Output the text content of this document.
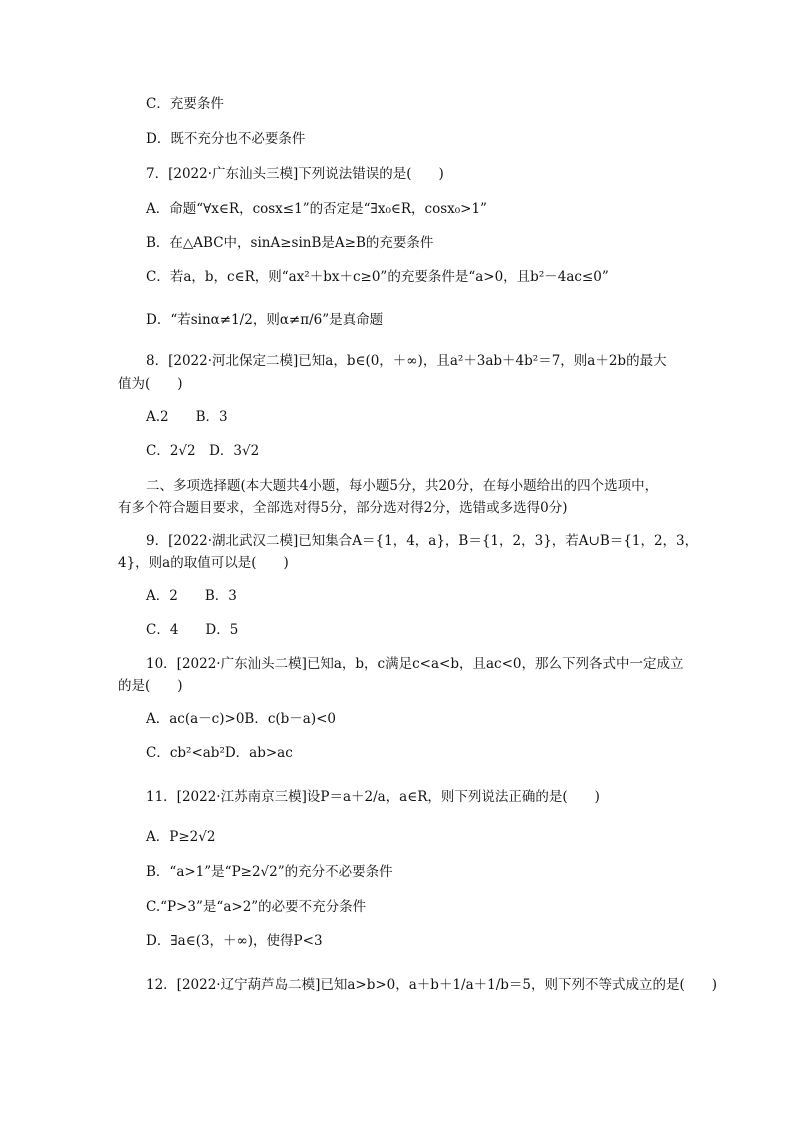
C．充要条件
D．既不充分也不必要条件
7．[2022·广东汕头三模]下列说法错误的是(　　)
A．命题“∀x∈R，cosx≤1”的否定是“∃x₀∈R，cosx₀>1”
B．在△ABC中，sinA≥sinB是A≥B的充要条件
C．若a，b，c∈R，则“ax²＋bx＋c≥0”的充要条件是“a>0，且b²－4ac≤0”
D．“若sinα≠1/2，则α≠π/6”是真命题
8．[2022·河北保定二模]已知a，b∈(0，＋∞)，且a²＋3ab＋4b²＝7，则a＋2b的最大
值为(　　)
A.2　　B．3
C．2√2　D．3√2
二、多项选择题(本大题共4小题，每小题5分，共20分，在每小题给出的四个选项中，
有多个符合题目要求，全部选对得5分，部分选对得2分，选错或多选得0分)
9．[2022·湖北武汉二模]已知集合A＝{1，4，a}，B＝{1，2，3}，若A∪B＝{1，2，3，
4}，则a的取值可以是(　　)
A．2　　B．3
C．4　　D．5
10．[2022·广东汕头二模]已知a，b，c满足c<a<b，且ac<0，那么下列各式中一定成立
的是(　　)
A．ac(a－c)>0B．c(b－a)<0
C．cb²<ab²D．ab>ac
11．[2022·江苏南京三模]设P＝a＋2/a，a∈R，则下列说法正确的是(　　)
A．P≥2√2
B．“a>1”是“P≥2√2”的充分不必要条件
C.“P>3”是“a>2”的必要不充分条件
D．∃a∈(3，＋∞)，使得P<3
12．[2022·辽宁葫芦岛二模]已知a>b>0，a＋b＋1/a＋1/b＝5，则下列不等式成立的是(　　)
